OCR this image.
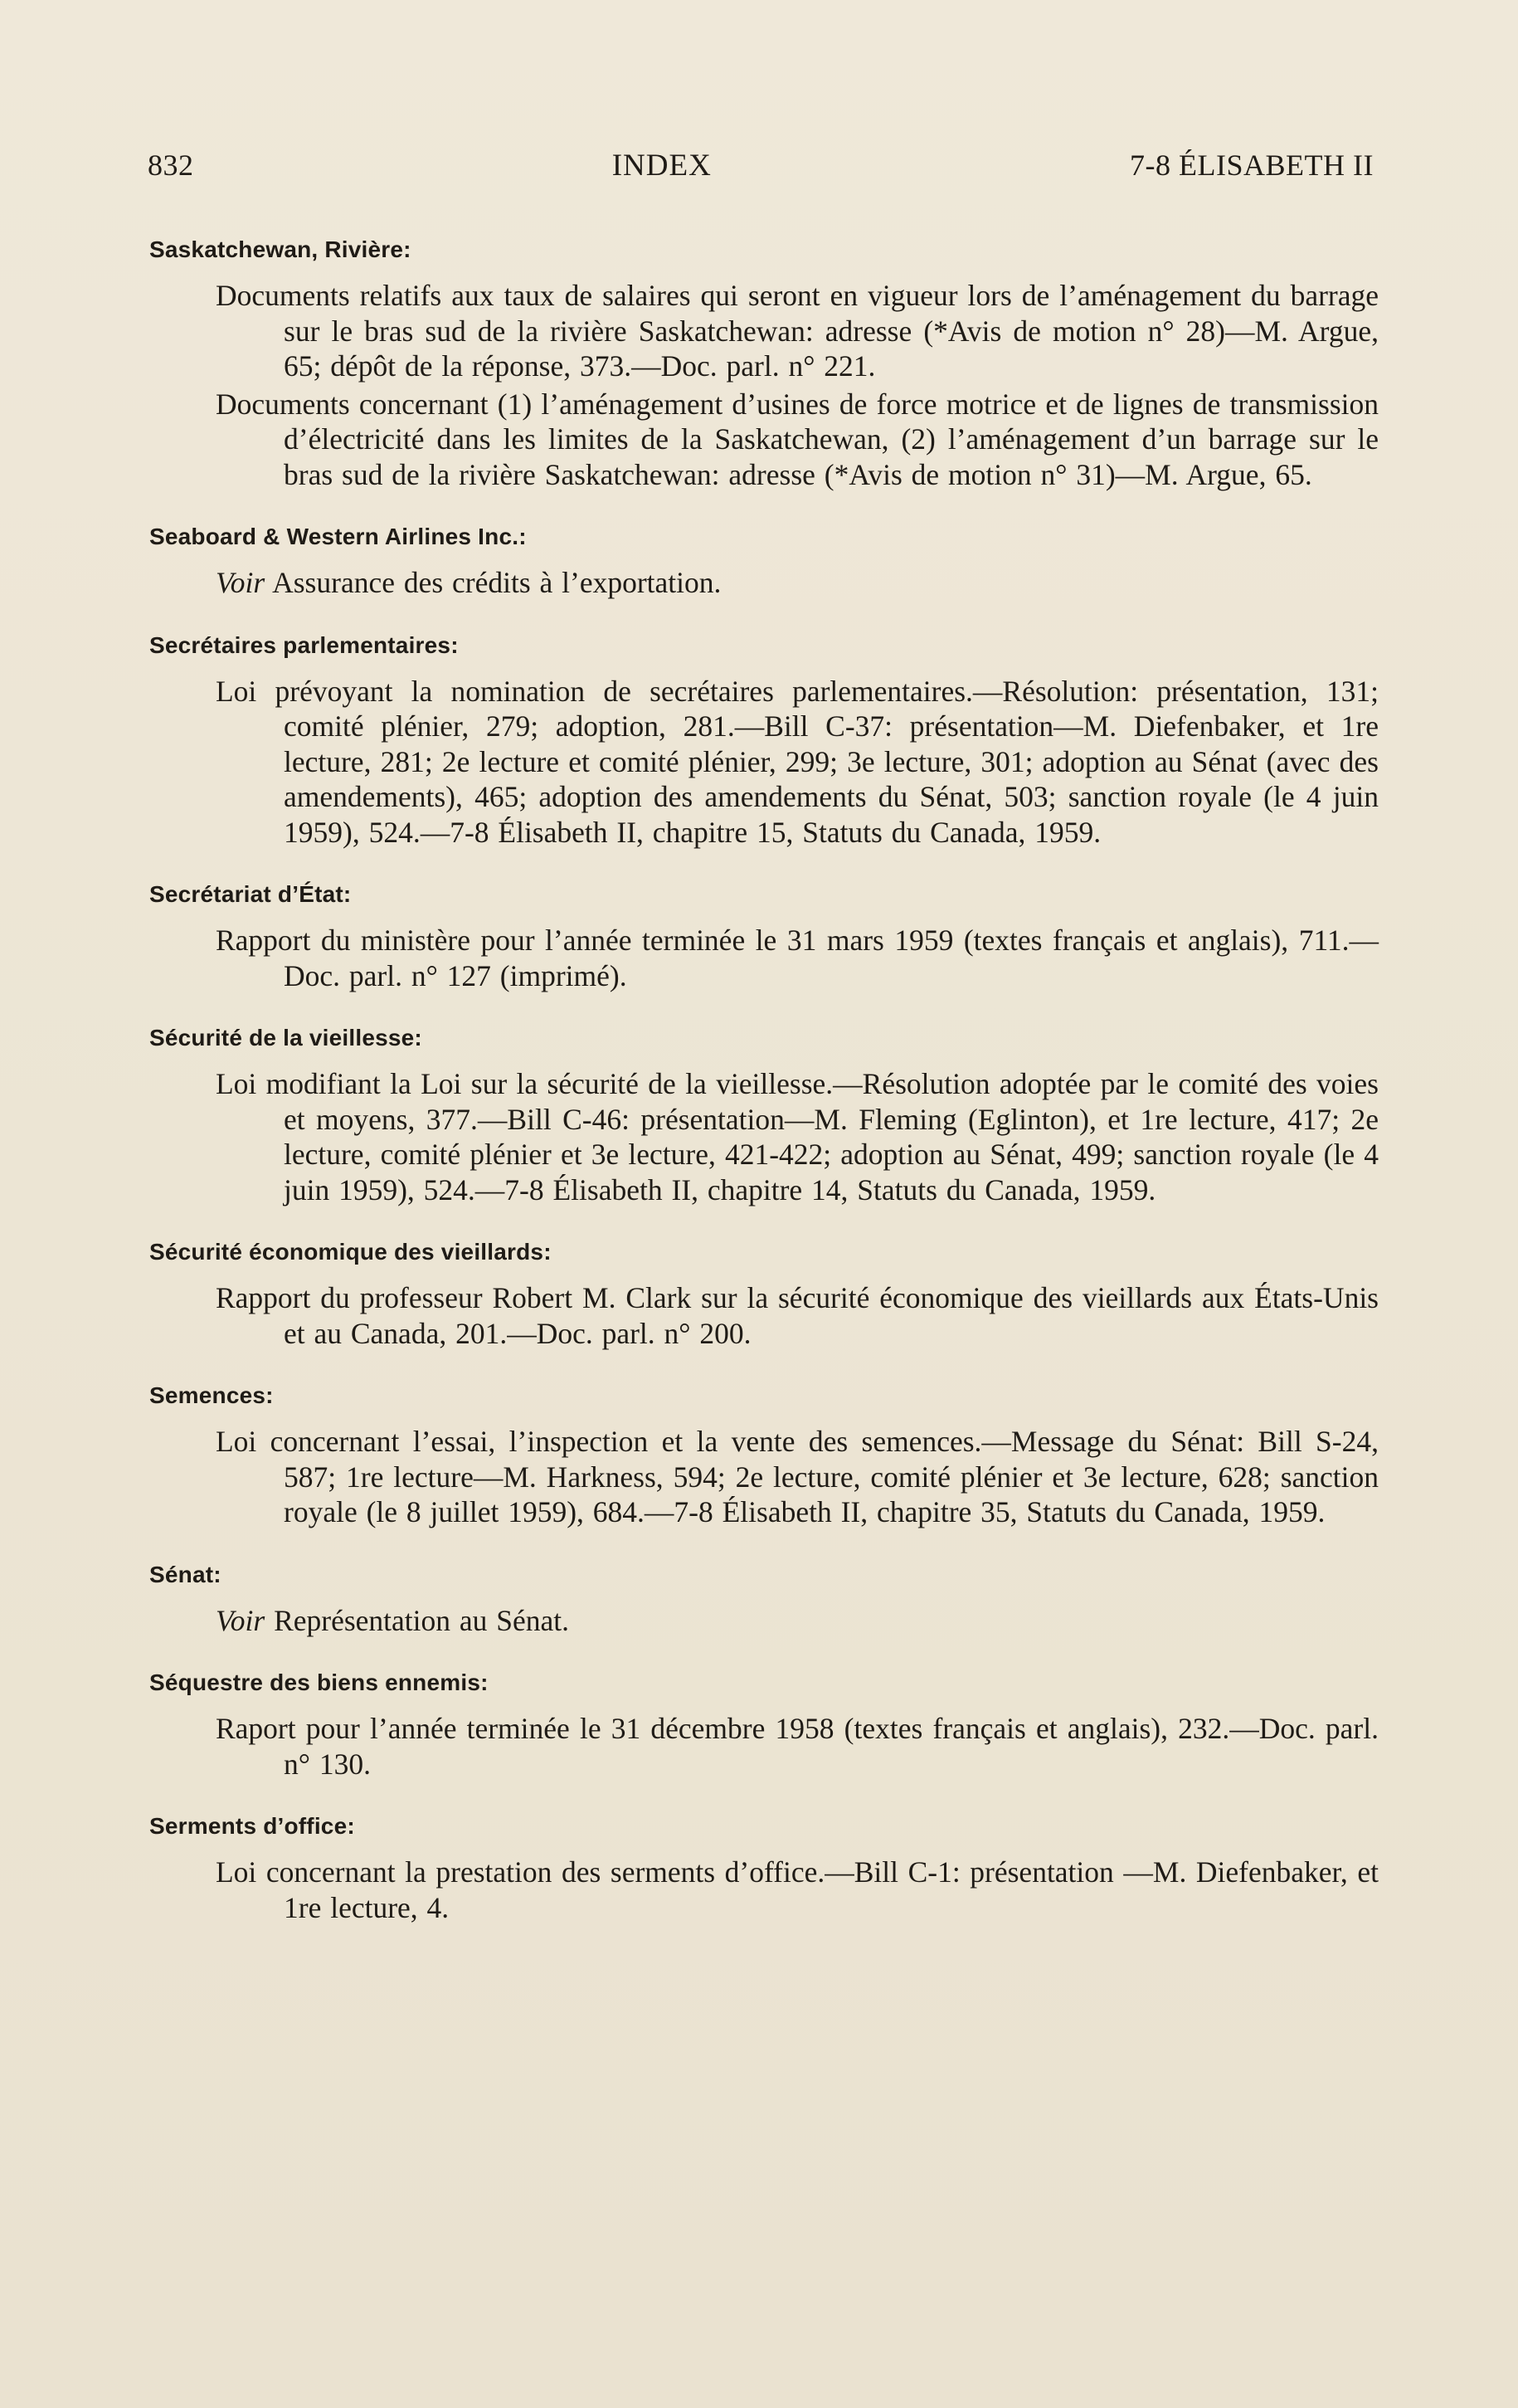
832	INDEX	7-8 ÉLISABETH II
Saskatchewan, Rivière:

Documents relatifs aux taux de salaires qui seront en vigueur lors de l’aménagement du barrage sur le bras sud de la rivière Saskatchewan: adresse (*Avis de motion n° 28)—M. Argue, 65; dépôt de la réponse, 373.—Doc. parl. n° 221.

Documents concernant (1) l’aménagement d’usines de force motrice et de lignes de transmission d’électricité dans les limites de la Saskatchewan, (2) l’aménagement d’un barrage sur le bras sud de la rivière Saskatchewan: adresse (*Avis de motion n° 31)—M. Argue, 65.

Seaboard & Western Airlines Inc.:

Voir Assurance des crédits à l’exportation.

Secrétaires parlementaires:

Loi prévoyant la nomination de secrétaires parlementaires.—Résolution: présentation, 131; comité plénier, 279; adoption, 281.—Bill C-37: présentation—M. Diefenbaker, et 1re lecture, 281; 2e lecture et comité plénier, 299; 3e lecture, 301; adoption au Sénat (avec des amendements), 465; adoption des amendements du Sénat, 503; sanction royale (le 4 juin 1959), 524.—7-8 Élisabeth II, chapitre 15, Statuts du Canada, 1959.

Secrétariat d’État:

Rapport du ministère pour l’année terminée le 31 mars 1959 (textes français et anglais), 711.—Doc. parl. n° 127 (imprimé).

Sécurité de la vieillesse:

Loi modifiant la Loi sur la sécurité de la vieillesse.—Résolution adoptée par le comité des voies et moyens, 377.—Bill C-46: présentation—M. Fleming (Eglinton), et 1re lecture, 417; 2e lecture, comité plénier et 3e lecture, 421-422; adoption au Sénat, 499; sanction royale (le 4 juin 1959), 524.—7-8 Élisabeth II, chapitre 14, Statuts du Canada, 1959.

Sécurité économique des vieillards:

Rapport du professeur Robert M. Clark sur la sécurité économique des vieillards aux États-Unis et au Canada, 201.—Doc. parl. n° 200.

Semences:

Loi concernant l’essai, l’inspection et la vente des semences.—Message du Sénat: Bill S-24, 587; 1re lecture—M. Harkness, 594; 2e lecture, comité plénier et 3e lecture, 628; sanction royale (le 8 juillet 1959), 684.—7-8 Élisabeth II, chapitre 35, Statuts du Canada, 1959.

Sénat:

Voir Représentation au Sénat.

Séquestre des biens ennemis:

Raport pour l’année terminée le 31 décembre 1958 (textes français et anglais), 232.—Doc. parl. n° 130.

Serments d’office:

Loi concernant la prestation des serments d’office.—Bill C-1: présentation —M. Diefenbaker, et 1re lecture, 4.
